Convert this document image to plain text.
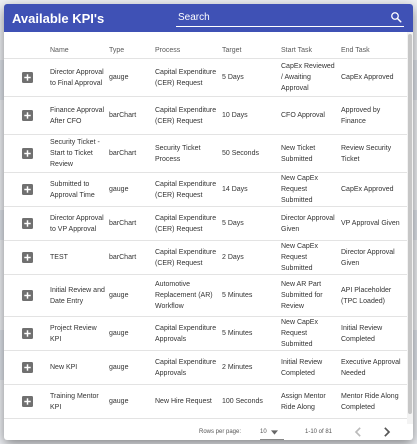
Available KPI's
Search
	Name	Type	Process	Target	Start Task	End Task
	Director Approval to Final Approval	gauge	Capital Expenditure (CER) Request	5 Days	CapEx Reviewed / Awaiting Approval	CapEx Approved
	Finance Approval After CFO	barChart	Capital Expenditure (CER) Request	10 Days	CFO Approval	Approved by Finance
	Security Ticket - Start to Ticket Review	barChart	Security Ticket Process	50 Seconds	New Ticket Submitted	Review Security Ticket
	Submitted to Approval Time	gauge	Capital Expenditure (CER) Request	14 Days	New CapEx Request Submitted	CapEx Approved
	Director Approval to VP Approval	barChart	Capital Expenditure (CER) Request	5 Days	Director Approval Given	VP Approval Given
	TEST	barChart	Capital Expenditure (CER) Request	2 Days	New CapEx Request Submitted	Director Approval Given
	Initial Review and Date Entry	gauge	Automotive Replacement (AR) Workflow	5 Minutes	New AR Part Submitted for Review	API Placeholder (TPC Loaded)
	Project Review KPI	gauge	Capital Expenditure Approvals	5 Minutes	New CapEx Request Submitted	Initial Review Completed
	New KPI	gauge	Capital Expenditure Approvals	2 Minutes	Initial Review Completed	Executive Approval Needed
	Training Mentor KPI	gauge	New Hire Request	100 Seconds	Assign Mentor Ride Along	Mentor Ride Along Completed
Rows per page:	10	1-10 of 81
